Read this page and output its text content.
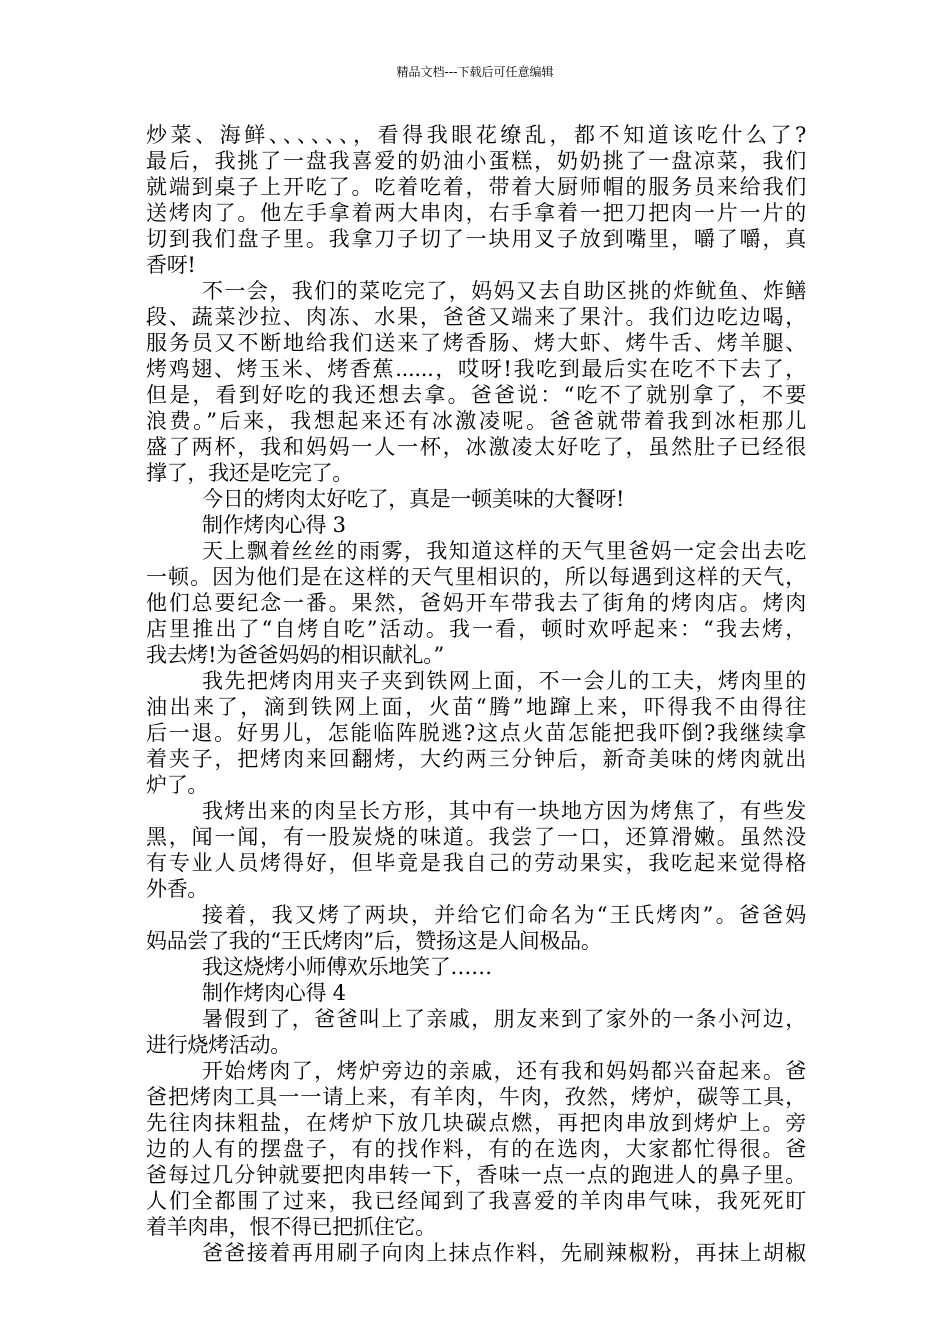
精品文档---下载后可任意编辑
炒菜、海鲜、、、、、、，看得我眼花缭乱，都不知道该吃什么了?
最后，我挑了一盘我喜爱的奶油小蛋糕，奶奶挑了一盘凉菜，我们
就端到桌子上开吃了。吃着吃着，带着大厨师帽的服务员来给我们
送烤肉了。他左手拿着两大串肉，右手拿着一把刀把肉一片一片的
切到我们盘子里。我拿刀子切了一块用叉子放到嘴里，嚼了嚼，真
香呀!
不一会，我们的菜吃完了，妈妈又去自助区挑的炸鱿鱼、炸鳝
段、蔬菜沙拉、肉冻、水果，爸爸又端来了果汁。我们边吃边喝，
服务员又不断地给我们送来了烤香肠、烤大虾、烤牛舌、烤羊腿、
烤鸡翅、烤玉米、烤香蕉......，哎呀!我吃到最后实在吃不下去了，
但是，看到好吃的我还想去拿。爸爸说：“吃不了就别拿了，不要
浪费。”后来，我想起来还有冰激凌呢。爸爸就带着我到冰柜那儿
盛了两杯，我和妈妈一人一杯，冰激凌太好吃了，虽然肚子已经很
撑了，我还是吃完了。
今日的烤肉太好吃了，真是一顿美味的大餐呀!
制作烤肉心得 3
天上飘着丝丝的雨雾，我知道这样的天气里爸妈一定会出去吃
一顿。因为他们是在这样的天气里相识的，所以每遇到这样的天气，
他们总要纪念一番。果然，爸妈开车带我去了街角的烤肉店。烤肉
店里推出了“自烤自吃”活动。我一看，顿时欢呼起来：“我去烤，
我去烤!为爸爸妈妈的相识献礼。”
我先把烤肉用夹子夹到铁网上面，不一会儿的工夫，烤肉里的
油出来了，滴到铁网上面，火苗“腾”地蹿上来，吓得我不由得往
后一退。好男儿，怎能临阵脱逃?这点火苗怎能把我吓倒?我继续拿
着夹子，把烤肉来回翻烤，大约两三分钟后，新奇美味的烤肉就出
炉了。
我烤出来的肉呈长方形，其中有一块地方因为烤焦了，有些发
黑，闻一闻，有一股炭烧的味道。我尝了一口，还算滑嫩。虽然没
有专业人员烤得好，但毕竟是我自己的劳动果实，我吃起来觉得格
外香。
接着，我又烤了两块，并给它们命名为“王氏烤肉”。爸爸妈
妈品尝了我的“王氏烤肉”后，赞扬这是人间极品。
我这烧烤小师傅欢乐地笑了……
制作烤肉心得 4
暑假到了，爸爸叫上了亲戚，朋友来到了家外的一条小河边，
进行烧烤活动。
开始烤肉了，烤炉旁边的亲戚，还有我和妈妈都兴奋起来。爸
爸把烤肉工具一一请上来，有羊肉，牛肉，孜然，烤炉，碳等工具，
先往肉抹粗盐，在烤炉下放几块碳点燃，再把肉串放到烤炉上。旁
边的人有的摆盘子，有的找作料，有的在选肉，大家都忙得很。爸
爸每过几分钟就要把肉串转一下，香味一点一点的跑进人的鼻子里。
人们全都围了过来，我已经闻到了我喜爱的羊肉串气味，我死死盯
着羊肉串，恨不得已把抓住它。
爸爸接着再用刷子向肉上抹点作料，先刷辣椒粉，再抹上胡椒
